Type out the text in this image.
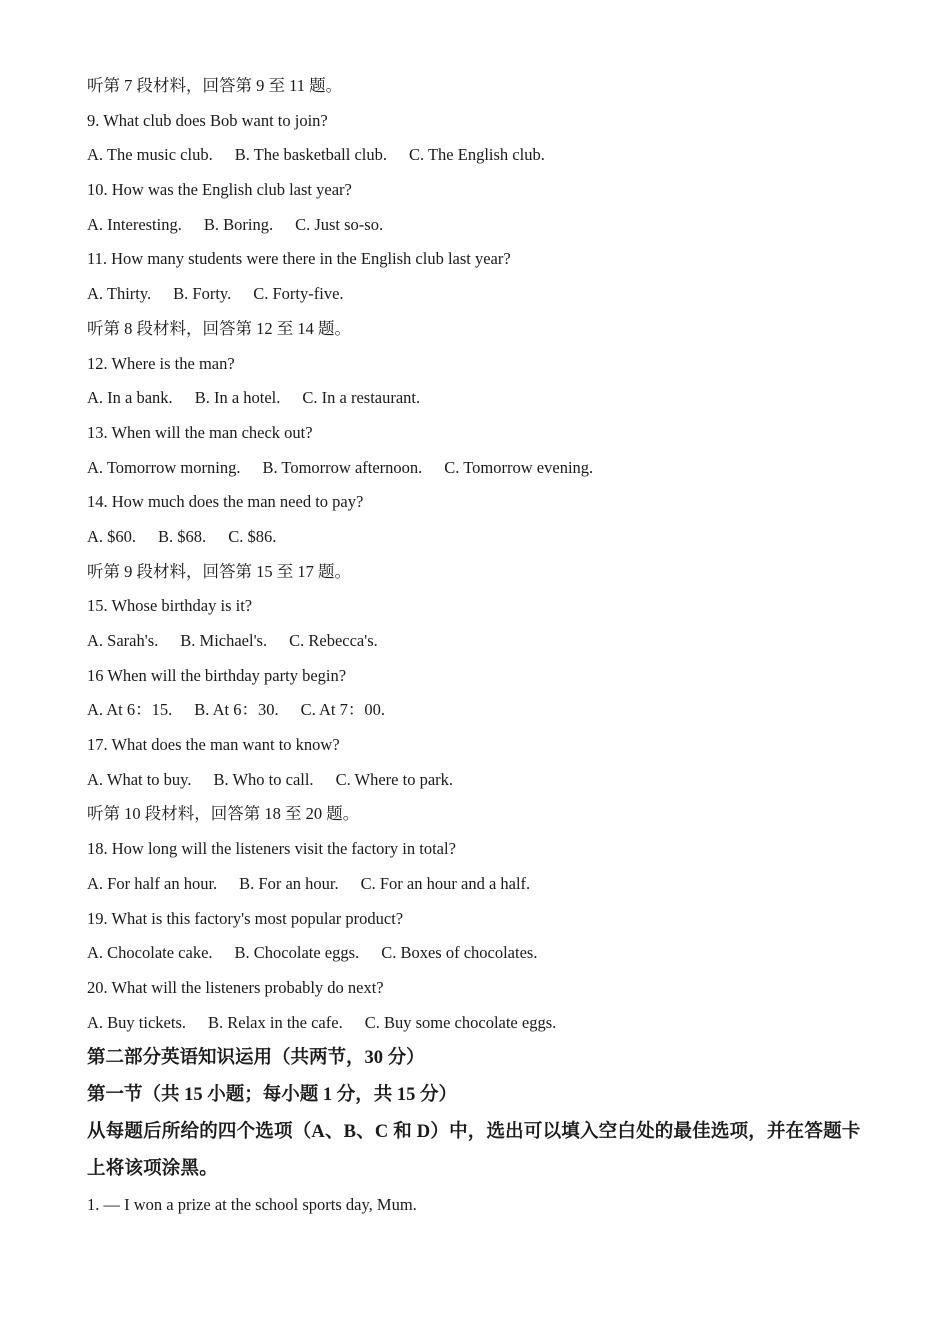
听第 7 段材料，回答第 9 至 11 题。
9. What club does Bob want to join?
A. The music club. B. The basketball club. C. The English club.
10. How was the English club last year?
A. Interesting. B. Boring. C. Just so-so.
11. How many students were there in the English club last year?
A. Thirty. B. Forty. C. Forty-five.
听第 8 段材料，回答第 12 至 14 题。
12. Where is the man?
A. In a bank. B. In a hotel. C. In a restaurant.
13. When will the man check out?
A. Tomorrow morning. B. Tomorrow afternoon. C. Tomorrow evening.
14. How much does the man need to pay?
A. $60. B. $68. C. $86.
听第 9 段材料，回答第 15 至 17 题。
15. Whose birthday is it?
A. Sarah's. B. Michael's. C. Rebecca's.
16 When will the birthday party begin?
A. At 6：15. B. At 6：30. C. At 7：00.
17. What does the man want to know?
A. What to buy. B. Who to call. C. Where to park.
听第 10 段材料，回答第 18 至 20 题。
18. How long will the listeners visit the factory in total?
A. For half an hour. B. For an hour. C. For an hour and a half.
19. What is this factory's most popular product?
A. Chocolate cake. B. Chocolate eggs. C. Boxes of chocolates.
20. What will the listeners probably do next?
A. Buy tickets. B. Relax in the cafe. C. Buy some chocolate eggs.
第二部分英语知识运用（共两节，30 分）
第一节（共 15 小题；每小题 1 分，共 15 分）
从每题后所给的四个选项（A、B、C 和 D）中，选出可以填入空白处的最佳选项，并在答题卡上将该项涂黑。
1. — I won a prize at the school sports day, Mum.
